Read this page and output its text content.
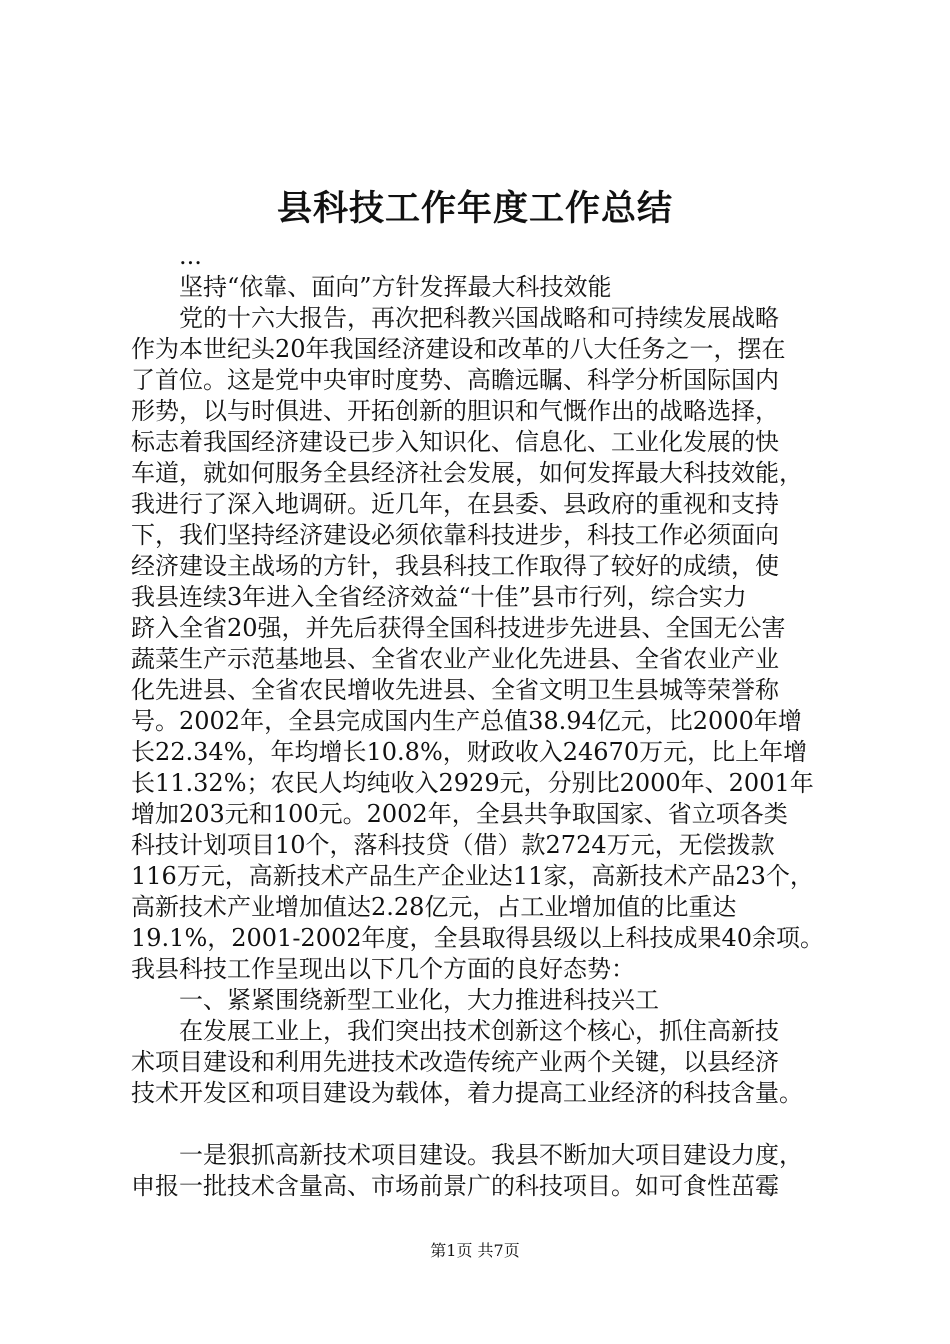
县科技工作年度工作总结
...
坚持“依靠、面向”方针发挥最大科技效能
党的十六大报告，再次把科教兴国战略和可持续发展战略
作为本世纪头20年我国经济建设和改革的八大任务之一，摆在
了首位。这是党中央审时度势、高瞻远瞩、科学分析国际国内
形势，以与时俱进、开拓创新的胆识和气慨作出的战略选择，
标志着我国经济建设已步入知识化、信息化、工业化发展的快
车道，就如何服务全县经济社会发展，如何发挥最大科技效能，
我进行了深入地调研。近几年，在县委、县政府的重视和支持
下，我们坚持经济建设必须依靠科技进步，科技工作必须面向
经济建设主战场的方针，我县科技工作取得了较好的成绩，使
我县连续3年进入全省经济效益“十佳”县市行列，综合实力
跻入全省20强，并先后获得全国科技进步先进县、全国无公害
蔬菜生产示范基地县、全省农业产业化先进县、全省农业产业
化先进县、全省农民增收先进县、全省文明卫生县城等荣誉称
号。2002年，全县完成国内生产总值38.94亿元，比2000年增
长22.34%，年均增长10.8%，财政收入24670万元，比上年增
长11.32%；农民人均纯收入2929元，分别比2000年、2001年
增加203元和100元。2002年，全县共争取国家、省立项各类
科技计划项目10个，落科技贷（借）款2724万元，无偿拨款
116万元，高新技术产品生产企业达11家，高新技术产品23个，
高新技术产业增加值达2.28亿元，占工业增加值的比重达
19.1%，2001-2002年度，全县取得县级以上科技成果40余项。
我县科技工作呈现出以下几个方面的良好态势：
一、紧紧围绕新型工业化，大力推进科技兴工
在发展工业上，我们突出技术创新这个核心，抓住高新技
术项目建设和利用先进技术改造传统产业两个关键，以县经济
技术开发区和项目建设为载体，着力提高工业经济的科技含量。
一是狠抓高新技术项目建设。我县不断加大项目建设力度，
申报一批技术含量高、市场前景广的科技项目。如可食性茁霉
第1页 共7页
